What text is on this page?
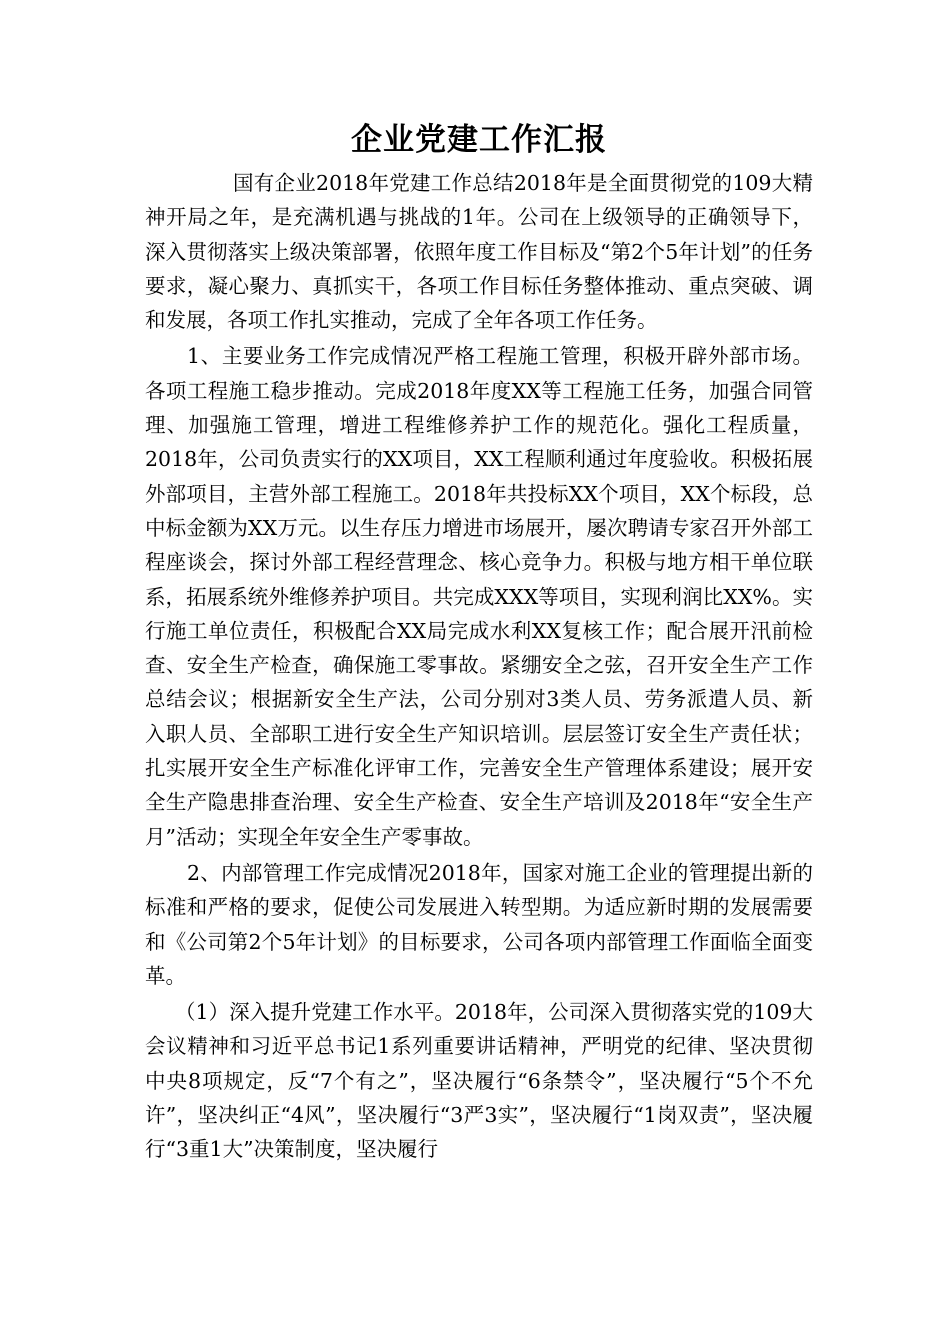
企业党建工作汇报

国有企业2018年党建工作总结2018年是全面贯彻党的109大精神开局之年，是充满机遇与挑战的1年。公司在上级领导的正确领导下，深入贯彻落实上级决策部署，依照年度工作目标及“第2个5年计划”的任务要求，凝心聚力、真抓实干，各项工作目标任务整体推动、重点突破、调和发展，各项工作扎实推动，完成了全年各项工作任务。

1、主要业务工作完成情况严格工程施工管理，积极开辟外部市场。各项工程施工稳步推动。完成2018年度XX等工程施工任务，加强合同管理、加强施工管理，增进工程维修养护工作的规范化。强化工程质量，2018年，公司负责实行的XX项目，XX工程顺利通过年度验收。积极拓展外部项目，主营外部工程施工。2018年共投标XX个项目，XX个标段，总中标金额为XX万元。以生存压力增进市场展开，屡次聘请专家召开外部工程座谈会，探讨外部工程经营理念、核心竞争力。积极与地方相干单位联系，拓展系统外维修养护项目。共完成XXX等项目，实现利润比XX%。实行施工单位责任，积极配合XX局完成水利XX复核工作；配合展开汛前检查、安全生产检查，确保施工零事故。紧绷安全之弦，召开安全生产工作总结会议；根据新安全生产法，公司分别对3类人员、劳务派遣人员、新入职人员、全部职工进行安全生产知识培训。层层签订安全生产责任状；扎实展开安全生产标准化评审工作，完善安全生产管理体系建设；展开安全生产隐患排查治理、安全生产检查、安全生产培训及2018年“安全生产月”活动；实现全年安全生产零事故。

2、内部管理工作完成情况2018年，国家对施工企业的管理提出新的标准和严格的要求，促使公司发展进入转型期。为适应新时期的发展需要和《公司第2个5年计划》的目标要求，公司各项内部管理工作面临全面变革。

（1）深入提升党建工作水平。2018年，公司深入贯彻落实党的109大会议精神和习近平总书记1系列重要讲话精神，严明党的纪律、坚决贯彻中央8项规定，反“7个有之”，坚决履行“6条禁令”，坚决履行“5个不允许”，坚决纠正“4风”，坚决履行“3严3实”，坚决履行“1岗双责”，坚决履行“3重1大”决策制度，坚决履行
